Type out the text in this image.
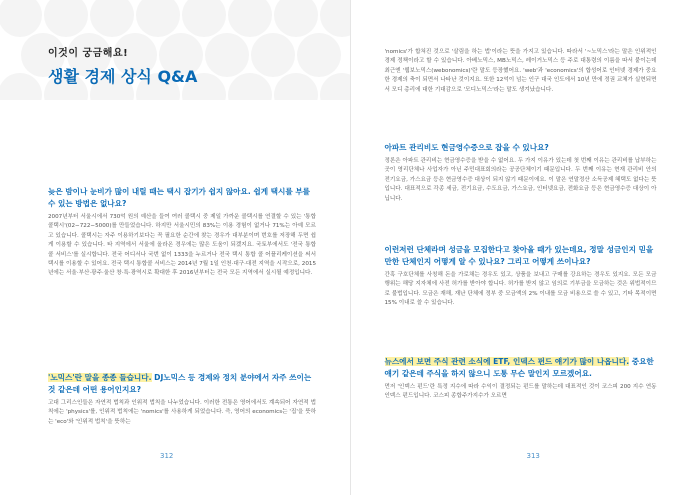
이것이 궁금해요!
생활 경제 상식 Q&A

늦은 밤이나 눈비가 많이 내릴 때는 택시 잡기가 쉽지 않아요. 쉽게 택시를 부를 수 있는 방법은 없나요?

2007년부터 서울시에서 730억 원의 예산을 들여 여러 콜택시 중 제일 가까운 콜택시를 연결할 수 있는 '통합 콜택시'(02−722−5000)를 만들었습니다. 하지만 서울시민의 83%는 이용 경험이 없거나 71%는 아예 모르고 있습니다. 콜택시는 자주 이용하기보다는 꼭 필요한 순간에 찾는 경우가 대부분이며 번호를 저장해 두면 쉽게 이용할 수 있습니다. 타 지역에서 서울에 올라온 경우에는 많은 도움이 되겠지요. 국토부에서도 '전국 통합 콜 서비스'를 실시합니다. 전국 어디서나 국번 없이 1333을 누르거나 전국 택시 통합 콜 어플리케이션을 써서 택시를 이용할 수 있어요. 전국 택시 통합콜 서비스는 2014년 7월 1일 인천·대구·대전 지역을 시작으로, 2015년에는 서울·부산·광주·울산 창·특·광역시로 확대한 후 2016년부터는 전국 모든 지역에서 실시될 예정입니다.

'노믹스'란 말을 종종 들습니다. DJ노믹스 등 경제와 정치 분야에서 자주 쓰이는 것 같은데 어떤 용어인지요?

고대 그리스인들은 자연적 법칙과 인위적 법칙을 나누었습니다. 이러한 전통은 영어에서도 계속되어 자연적 법칙에는 'physics'를, 인위적 법칙에는 'nomics'를 사용하게 되었습니다. 즉, 영어의 economics는 '집'을 뜻하는 'eco'와 '인위적 법칙'을 뜻하는

312

'nomics'가 합쳐진 것으로 '살림을 하는 법'이라는 뜻을 가지고 있습니다. 따라서 '~노믹스'라는 말은 인위적인 경제 정책이라고 할 수 있습니다. 아베노믹스, MB노믹스, 레이거노믹스 등 주로 대통령의 이름을 따서 붙이는데 최근엔 '웹보노믹스(webonomics)'란 말도 등장했어요. 'web'과 'economics'의 합성어로 인터넷 경제가 중요한 경제의 축이 되면서 나타난 것이지요. 또한 12억이 넘는 인구 대국 인도에서 10년 만에 정권 교체가 실현되면서 모디 총리에 대한 기대감으로 '모디노믹스'라는 말도 생겨났습니다.

아파트 관리비도 현금영수증으로 잡을 수 있나요?

정론은 아파트 관리비는 현금영수증을 받을 수 없어요. 두 가지 이유가 있는데 첫 번째 이유는 관리비를 납부하는 곳이 영리단체나 사업자가 아닌 주민대표회의라는 공공단체이기 때문입니다. 두 번째 이유는 현재 관리비 안의 전기요금, 가스요금 등은 현금영수증 대상이 되지 않기 때문이에요. 이 말은 연말정산 소득공제 혜택도 없다는 뜻입니다. 대표적으로 각종 세금, 전기요금, 수도요금, 가스요금, 인터넷요금, 전화요금 등은 현금영수증 대상이 아닙니다.

이런저런 단체라며 성금을 모집한다고 찾아올 때가 있는데요, 정말 성금인지 믿을 만한 단체인지 어떻게 알 수 있나요? 그리고 어떻게 쓰이나요?

간혹 구호단체를 사칭해 돈을 가로채는 경우도 있고, 상품을 보내고 구매를 강요하는 경우도 있지요. 모든 모금 행위는 해당 지자체에 사전 허가를 받아야 합니다. 허가를 받지 않고 임의로 기부금을 모금하는 것은 위법적이므로 불법입니다. 모금은 재해, 재난 단체에 정부 중 모금액의 2% 이내를 모금 비용으로 쓸 수 있고, 기타 목적이면 15% 이내로 쓸 수 있습니다.

뉴스에서 보면 주식 관련 소식에 ETF, 인덱스 펀드 얘기가 많이 나옵니다. 중요한 얘기 같은데 주식을 하지 않으니 도통 무슨 말인지 모르겠어요.

먼저 '인덱스 펀드'란 특정 지수에 따라 수익이 결정되는 펀드를 말하는데 대표적인 것이 코스피 200 지수 연동 인덱스 펀드입니다. 코스피 종합주가지수가 오르면

313
